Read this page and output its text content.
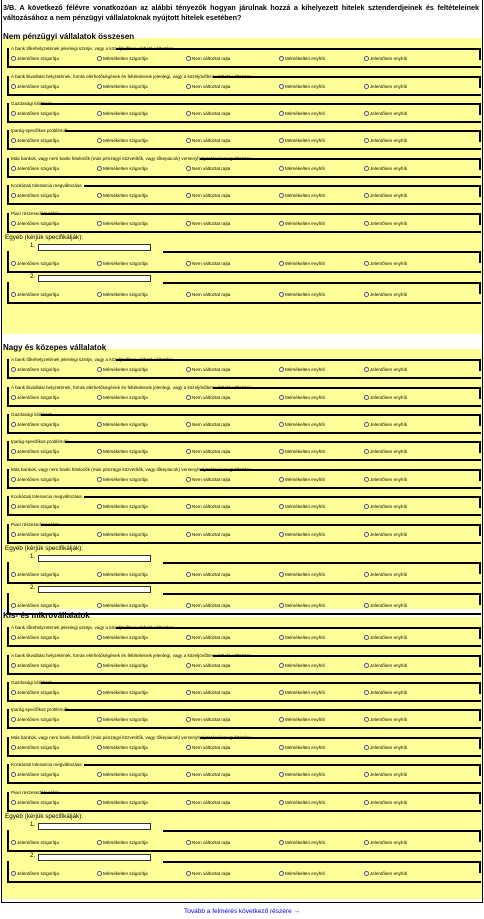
3/B. A következő félévre vonatkozóan az alábbi tényezők hogyan járulnak hozzá a kihelyezett hitelek sztenderdjeinek és feltételeinek változásához a nem pénzügyi vállalatoknak nyújtott hitelek esetében?
Nem pénzügyi vállalatok összesen
A bank tőkehelyzetének jelenlegi szintje, vagy a közeljövőben várható változása
Jelentősen szigorítja	Mérsékelten szigorítja	Nem változtat rajta	Mérsékelten enyhíti	Jelentősen enyhíti
A bank likviditási helyzetének, forrás elérhetőségének és feltételeinek jelenlegi, vagy a közeljövőben várható változása
Jelentősen szigorítja	Mérsékelten szigorítja	Nem változtat rajta	Mérsékelten enyhíti	Jelentősen enyhíti
Gazdasági kilátások
Jelentősen szigorítja	Mérsékelten szigorítja	Nem változtat rajta	Mérsékelten enyhíti	Jelentősen enyhíti
Iparág-specifikus problémák
Jelentősen szigorítja	Mérsékelten szigorítja	Nem változtat rajta	Mérsékelten enyhíti	Jelentősen enyhíti
Más bankok, vagy nem banki hitelezők (más pénzügyi közvetítők, vagy tőkepiacok) versenyhelyzetének megváltozása
Jelentősen szigorítja	Mérsékelten szigorítja	Nem változtat rajta	Mérsékelten enyhíti	Jelentősen enyhíti
Kockázati tolerancia megváltozása
Jelentősen szigorítja	Mérsékelten szigorítja	Nem változtat rajta	Mérsékelten enyhíti	Jelentősen enyhíti
Piaci részesedési célok
Jelentősen szigorítja	Mérsékelten szigorítja	Nem változtat rajta	Mérsékelten enyhíti	Jelentősen enyhíti
Egyéb (kérjük specifikálják):
1.
Jelentősen szigorítja	Mérsékelten szigorítja	Nem változtat rajta	Mérsékelten enyhíti	Jelentősen enyhíti
2.
Jelentősen szigorítja	Mérsékelten szigorítja	Nem változtat rajta	Mérsékelten enyhíti	Jelentősen enyhíti
Nagy és közepes vállalatok
A bank tőkehelyzetének jelenlegi szintje, vagy a közeljövőben várható változása
Jelentősen szigorítja	Mérsékelten szigorítja	Nem változtat rajta	Mérsékelten enyhíti	Jelentősen enyhíti
A bank likviditási helyzetének, forrás elérhetőségének és feltételeinek jelenlegi, vagy a közeljövőben várható változása
Jelentősen szigorítja	Mérsékelten szigorítja	Nem változtat rajta	Mérsékelten enyhíti	Jelentősen enyhíti
Gazdasági kilátások
Jelentősen szigorítja	Mérsékelten szigorítja	Nem változtat rajta	Mérsékelten enyhíti	Jelentősen enyhíti
Iparág-specifikus problémák
Jelentősen szigorítja	Mérsékelten szigorítja	Nem változtat rajta	Mérsékelten enyhíti	Jelentősen enyhíti
Más bankok, vagy nem banki hitelezők (más pénzügyi közvetítők, vagy tőkepiacok) versenyhelyzetének megváltozása
Jelentősen szigorítja	Mérsékelten szigorítja	Nem változtat rajta	Mérsékelten enyhíti	Jelentősen enyhíti
Kockázati tolerancia megváltozása
Jelentősen szigorítja	Mérsékelten szigorítja	Nem változtat rajta	Mérsékelten enyhíti	Jelentősen enyhíti
Piaci részesedési célok
Jelentősen szigorítja	Mérsékelten szigorítja	Nem változtat rajta	Mérsékelten enyhíti	Jelentősen enyhíti
Egyéb (kérjük specifikálják):
1.
Jelentősen szigorítja	Mérsékelten szigorítja	Nem változtat rajta	Mérsékelten enyhíti	Jelentősen enyhíti
2.
Jelentősen szigorítja	Mérsékelten szigorítja	Nem változtat rajta	Mérsékelten enyhíti	Jelentősen enyhíti
Kis- és mikrovállalatok
A bank tőkehelyzetének jelenlegi szintje, vagy a közeljövőben várható változása
Jelentősen szigorítja	Mérsékelten szigorítja	Nem változtat rajta	Mérsékelten enyhíti	Jelentősen enyhíti
A bank likviditási helyzetének, forrás elérhetőségének és feltételeinek jelenlegi, vagy a közeljövőben várható változása
Jelentősen szigorítja	Mérsékelten szigorítja	Nem változtat rajta	Mérsékelten enyhíti	Jelentősen enyhíti
Gazdasági kilátások
Jelentősen szigorítja	Mérsékelten szigorítja	Nem változtat rajta	Mérsékelten enyhíti	Jelentősen enyhíti
Iparág-specifikus problémák
Jelentősen szigorítja	Mérsékelten szigorítja	Nem változtat rajta	Mérsékelten enyhíti	Jelentősen enyhíti
Más bankok, vagy nem banki hitelezők (más pénzügyi közvetítők, vagy tőkepiacok) versenyhelyzetének megváltozása
Jelentősen szigorítja	Mérsékelten szigorítja	Nem változtat rajta	Mérsékelten enyhíti	Jelentősen enyhíti
Kockázati tolerancia megváltozása
Jelentősen szigorítja	Mérsékelten szigorítja	Nem változtat rajta	Mérsékelten enyhíti	Jelentősen enyhíti
Piaci részesedési célok
Jelentősen szigorítja	Mérsékelten szigorítja	Nem változtat rajta	Mérsékelten enyhíti	Jelentősen enyhíti
Egyéb (kérjük specifikálják):
1.
Jelentősen szigorítja	Mérsékelten szigorítja	Nem változtat rajta	Mérsékelten enyhíti	Jelentősen enyhíti
2.
Jelentősen szigorítja	Mérsékelten szigorítja	Nem változtat rajta	Mérsékelten enyhíti	Jelentősen enyhíti
Tovább a felmérés következő részére →
